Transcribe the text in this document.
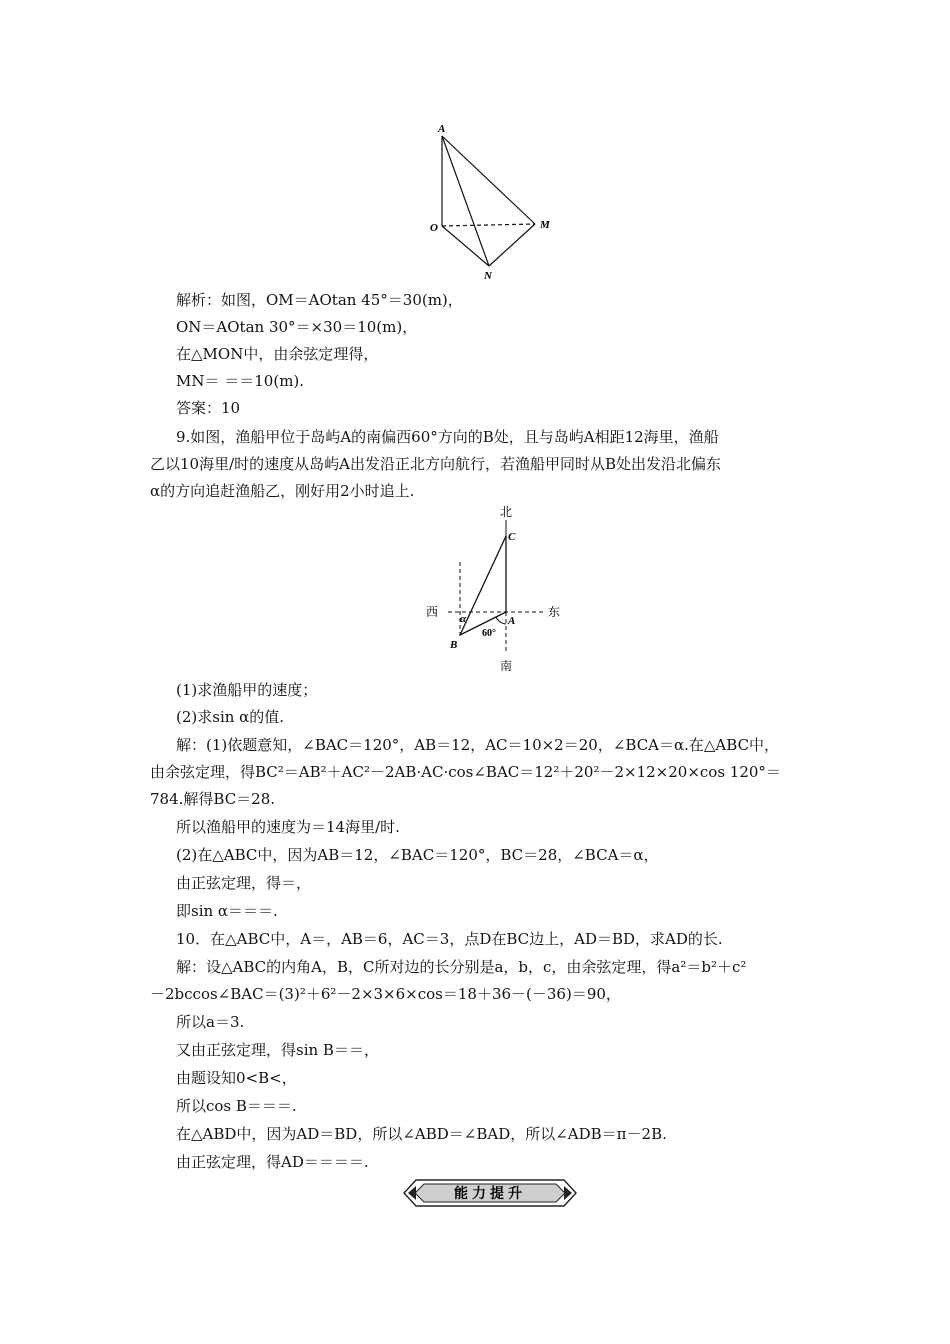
A
O	M
N
解析：如图，OM＝AOtan 45°＝30(m)，
ON＝AOtan 30°＝×30＝10(m)，
在△MON中，由余弦定理得，
MN＝ ＝＝10(m).
答案：10
9.如图，渔船甲位于岛屿A的南偏西60°方向的B处，且与岛屿A相距12海里，渔船
乙以10海里/时的速度从岛屿A出发沿正北方向航行，若渔船甲同时从B处出发沿北偏东
α的方向追赶渔船乙，刚好用2小时追上.
北
C
西	东
α	A
60°
B
南
(1)求渔船甲的速度；
(2)求sin α的值.
解：(1)依题意知，∠BAC＝120°，AB＝12，AC＝10×2＝20，∠BCA＝α.在△ABC中，
由余弦定理，得BC²＝AB²＋AC²－2AB·AC·cos∠BAC＝12²＋20²－2×12×20×cos 120°＝
784.解得BC＝28.
所以渔船甲的速度为＝14海里/时.
(2)在△ABC中，因为AB＝12，∠BAC＝120°，BC＝28，∠BCA＝α，
由正弦定理，得＝，
即sin α＝＝＝.
10．在△ABC中，A＝，AB＝6，AC＝3，点D在BC边上，AD＝BD，求AD的长.
解：设△ABC的内角A，B，C所对边的长分别是a，b，c，由余弦定理，得a²＝b²＋c²
－2bccos∠BAC＝(3)²＋6²－2×3×6×cos＝18＋36－(－36)＝90，
所以a＝3.
又由正弦定理，得sin B＝＝，
由题设知0<B<，
所以cos B＝＝＝.
在△ABD中，因为AD＝BD，所以∠ABD＝∠BAD，所以∠ADB＝π－2B.
由正弦定理，得AD＝＝＝＝.
能力提升
